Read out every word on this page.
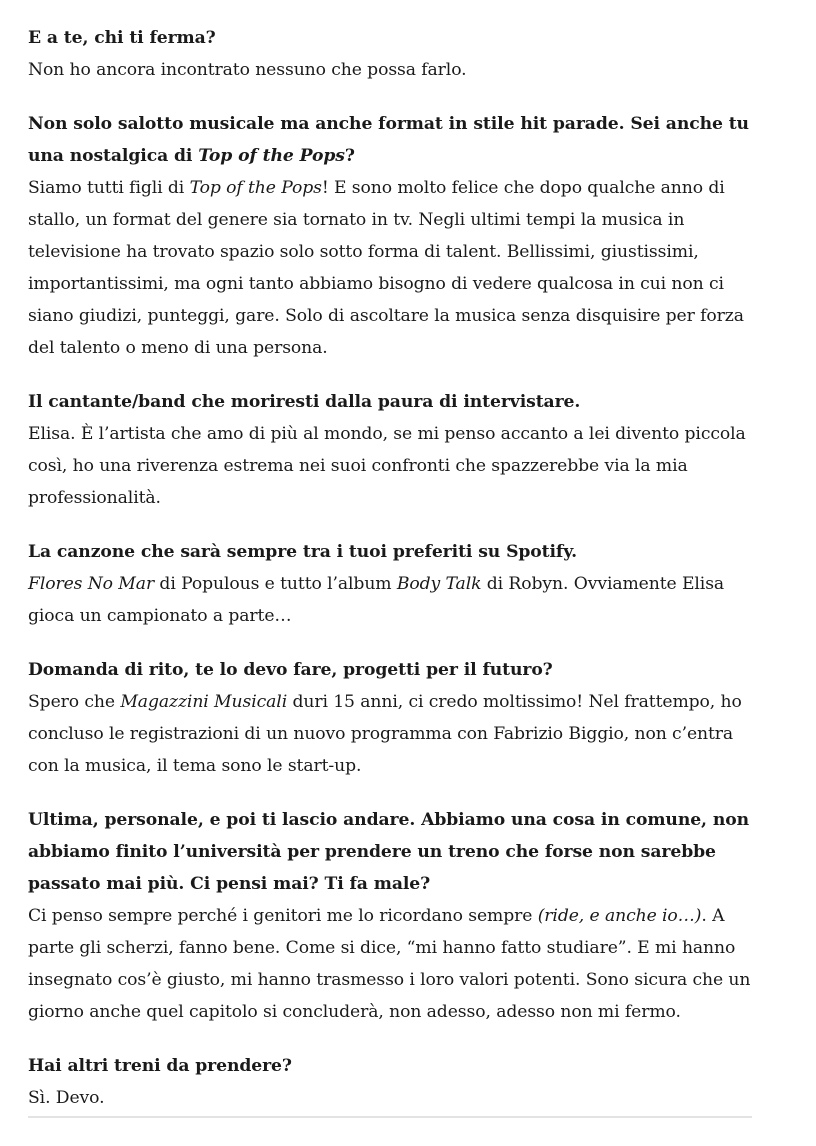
E a te, chi ti ferma?

Non ho ancora incontrato nessuno che possa farlo.

Non solo salotto musicale ma anche format in stile hit parade. Sei anche tu una nostalgica di Top of the Pops?

Siamo tutti figli di Top of the Pops! E sono molto felice che dopo qualche anno di stallo, un format del genere sia tornato in tv. Negli ultimi tempi la musica in televisione ha trovato spazio solo sotto forma di talent. Bellissimi, giustissimi, importantissimi, ma ogni tanto abbiamo bisogno di vedere qualcosa in cui non ci siano giudizi, punteggi, gare. Solo di ascoltare la musica senza disquisire per forza del talento o meno di una persona.

Il cantante/band che moriresti dalla paura di intervistare.

Elisa. È l’artista che amo di più al mondo, se mi penso accanto a lei divento piccola così, ho una riverenza estrema nei suoi confronti che spazzerebbe via la mia professionalità.

La canzone che sarà sempre tra i tuoi preferiti su Spotify.

Flores No Mar di Populous e tutto l’album Body Talk di Robyn. Ovviamente Elisa gioca un campionato a parte…

Domanda di rito, te lo devo fare, progetti per il futuro?

Spero che Magazzini Musicali duri 15 anni, ci credo moltissimo! Nel frattempo, ho concluso le registrazioni di un nuovo programma con Fabrizio Biggio, non c’entra con la musica, il tema sono le start-up.

Ultima, personale, e poi ti lascio andare. Abbiamo una cosa in comune, non abbiamo finito l’università per prendere un treno che forse non sarebbe passato mai più. Ci pensi mai? Ti fa male?

Ci penso sempre perché i genitori me lo ricordano sempre (ride, e anche io…). A parte gli scherzi, fanno bene. Come si dice, “mi hanno fatto studiare”. E mi hanno insegnato cos’è giusto, mi hanno trasmesso i loro valori potenti. Sono sicura che un giorno anche quel capitolo si concluderà, non adesso, adesso non mi fermo.

Hai altri treni da prendere?

Sì. Devo.
